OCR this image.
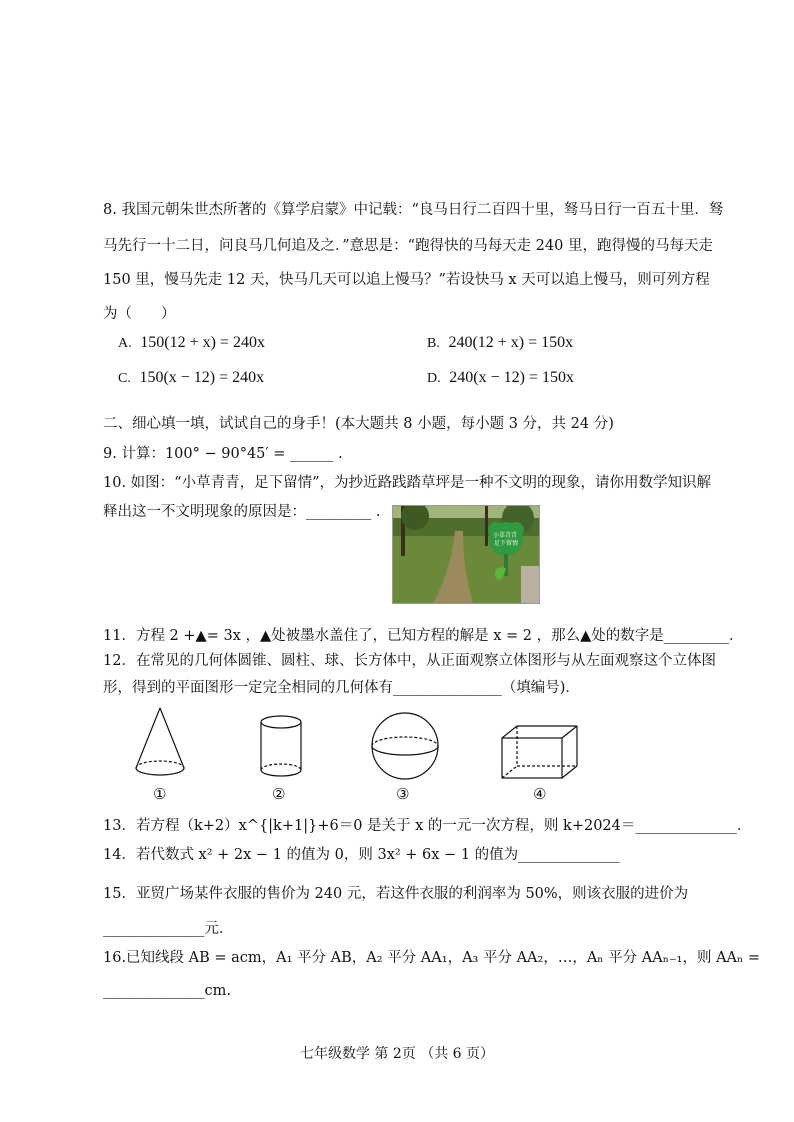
8. 我国元朝朱世杰所著的《算学启蒙》中记载：“良马日行二百四十里，驽马日行一百五十里．驽
马先行一十二日，问良马几何追及之．”意思是：“跑得快的马每天走 240 里，跑得慢的马每天走
150 里，慢马先走 12 天，快马几天可以追上慢马？”若设快马 x 天可以追上慢马，则可列方程
为（　　）
A. 150(12 + x) = 240x	B. 240(12 + x) = 150x
C. 150(x − 12) = 240x	D. 240(x − 12) = 150x
二、细心填一填，试试自己的身手！(本大题共 8 小题，每小题 3 分，共 24 分)
9. 计算：100° − 90°45′ = ______ .
10. 如图：“小草青青，足下留情”，为抄近路践踏草坪是一种不文明的现象，请你用数学知识解
释出这一不文明现象的原因是：_________ .
小草青青 足下留情
11．方程 2 +▲= 3x ，▲处被墨水盖住了，已知方程的解是 x = 2 ，那么▲处的数字是_________．
12．在常见的几何体圆锥、圆柱、球、长方体中，从正面观察立体图形与从左面观察这个立体图
形，得到的平面图形一定完全相同的几何体有_______________（填编号)．
①	②	③	④
13．若方程（k+2）x^{|k+1|}+6＝0 是关于 x 的一元一次方程，则 k+2024＝______________．
14．若代数式 x² + 2x − 1 的值为 0，则 3x² + 6x − 1 的值为______________
15．亚贸广场某件衣服的售价为 240 元，若这件衣服的利润率为 50%，则该衣服的进价为
______________元．
16.已知线段 AB = acm，A₁ 平分 AB，A₂ 平分 AA₁，A₃ 平分 AA₂，…，Aₙ 平分 AAₙ₋₁，则 AAₙ =
______________cm.
七年级数学 第 2页 （共 6 页）
